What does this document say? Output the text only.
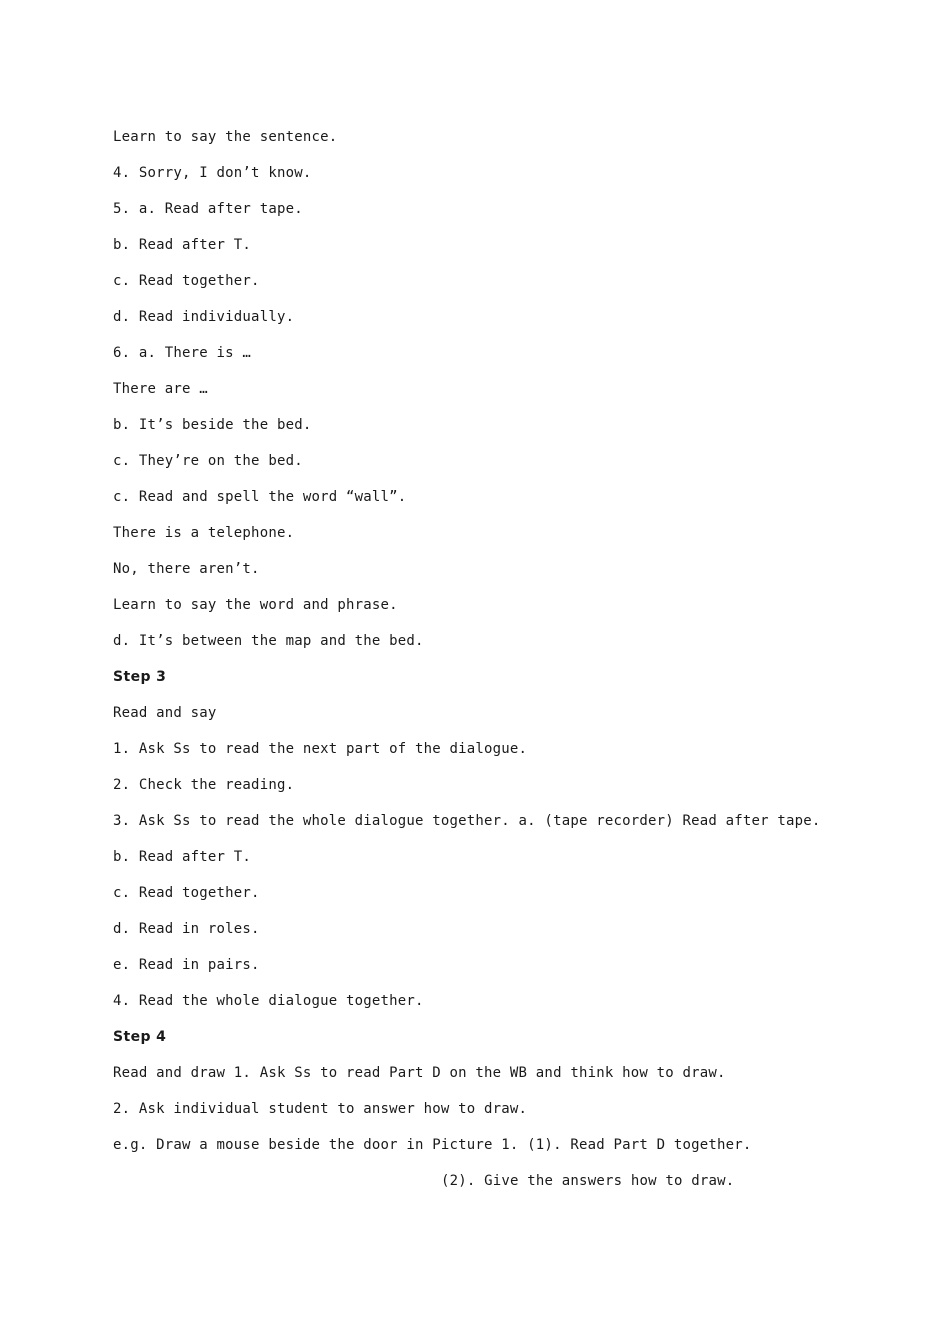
Learn to say the sentence.
4. Sorry, I don’t know.
5. a. Read after tape.
b. Read after T.
c. Read together.
d. Read individually.
6. a. There is …
There are …
b. It’s beside the bed.
c. They’re on the bed.
c. Read and spell the word “wall”.
There is a telephone.
No, there aren’t.
Learn to say the word and phrase.
d. It’s between the map and the bed.
Step 3
Read and say
1. Ask Ss to read the next part of the dialogue.
2. Check the reading.
3. Ask Ss to read the whole dialogue together. a. (tape recorder) Read after tape.
b. Read after T.
c. Read together.
d. Read in roles.
e. Read in pairs.
4. Read the whole dialogue together.
Step 4
Read and draw 1. Ask Ss to read Part D on the WB and think how to draw.
2. Ask individual student to answer how to draw.
e.g. Draw a mouse beside the door in Picture 1. (1). Read Part D together.
(2). Give the answers how to draw.
